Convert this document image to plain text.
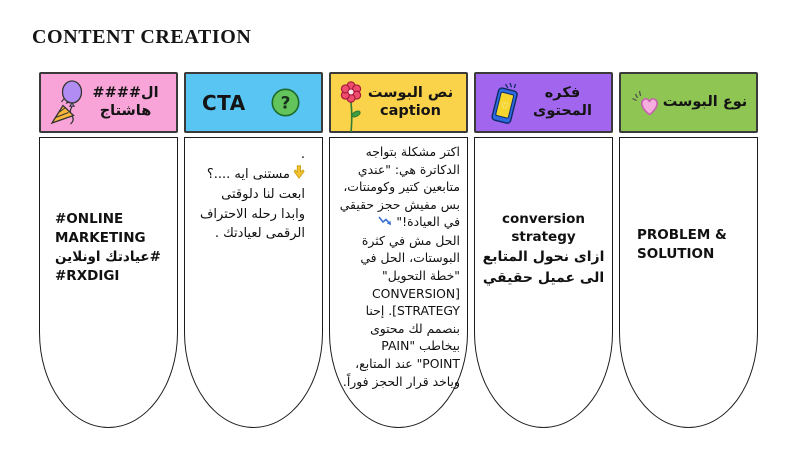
CONTENT CREATION
ال####
هاشتاج
#ONLINE MARKETING
#عيادتك اونلاين
#RXDIGI
CTA	?
.
مستنى ايه ....؟
ابعت لنا دلوقتى
وابدا رحله الاحتراف
الرقمى لعيادتك .
نص البوست
caption
اكتر مشكلة بتواجه الدكاترة هي: "عندي متابعين كتير وكومنتات، بس مفيش حجز حقيقي في العيادة!"
الحل مش في كثرة البوستات، الحل في "خطة التحويل" [CONVERSION STRATEGY]. إحنا بنصمم لك محتوى بيخاطب "PAIN POINT" عند المتابع، وياخد قرار الحجز فوراً.
فكره المحتوى
♡
conversion strategy
ازاى نحول المتابع الى عميل حقيقي
نوع البوست
PROBLEM & SOLUTION
